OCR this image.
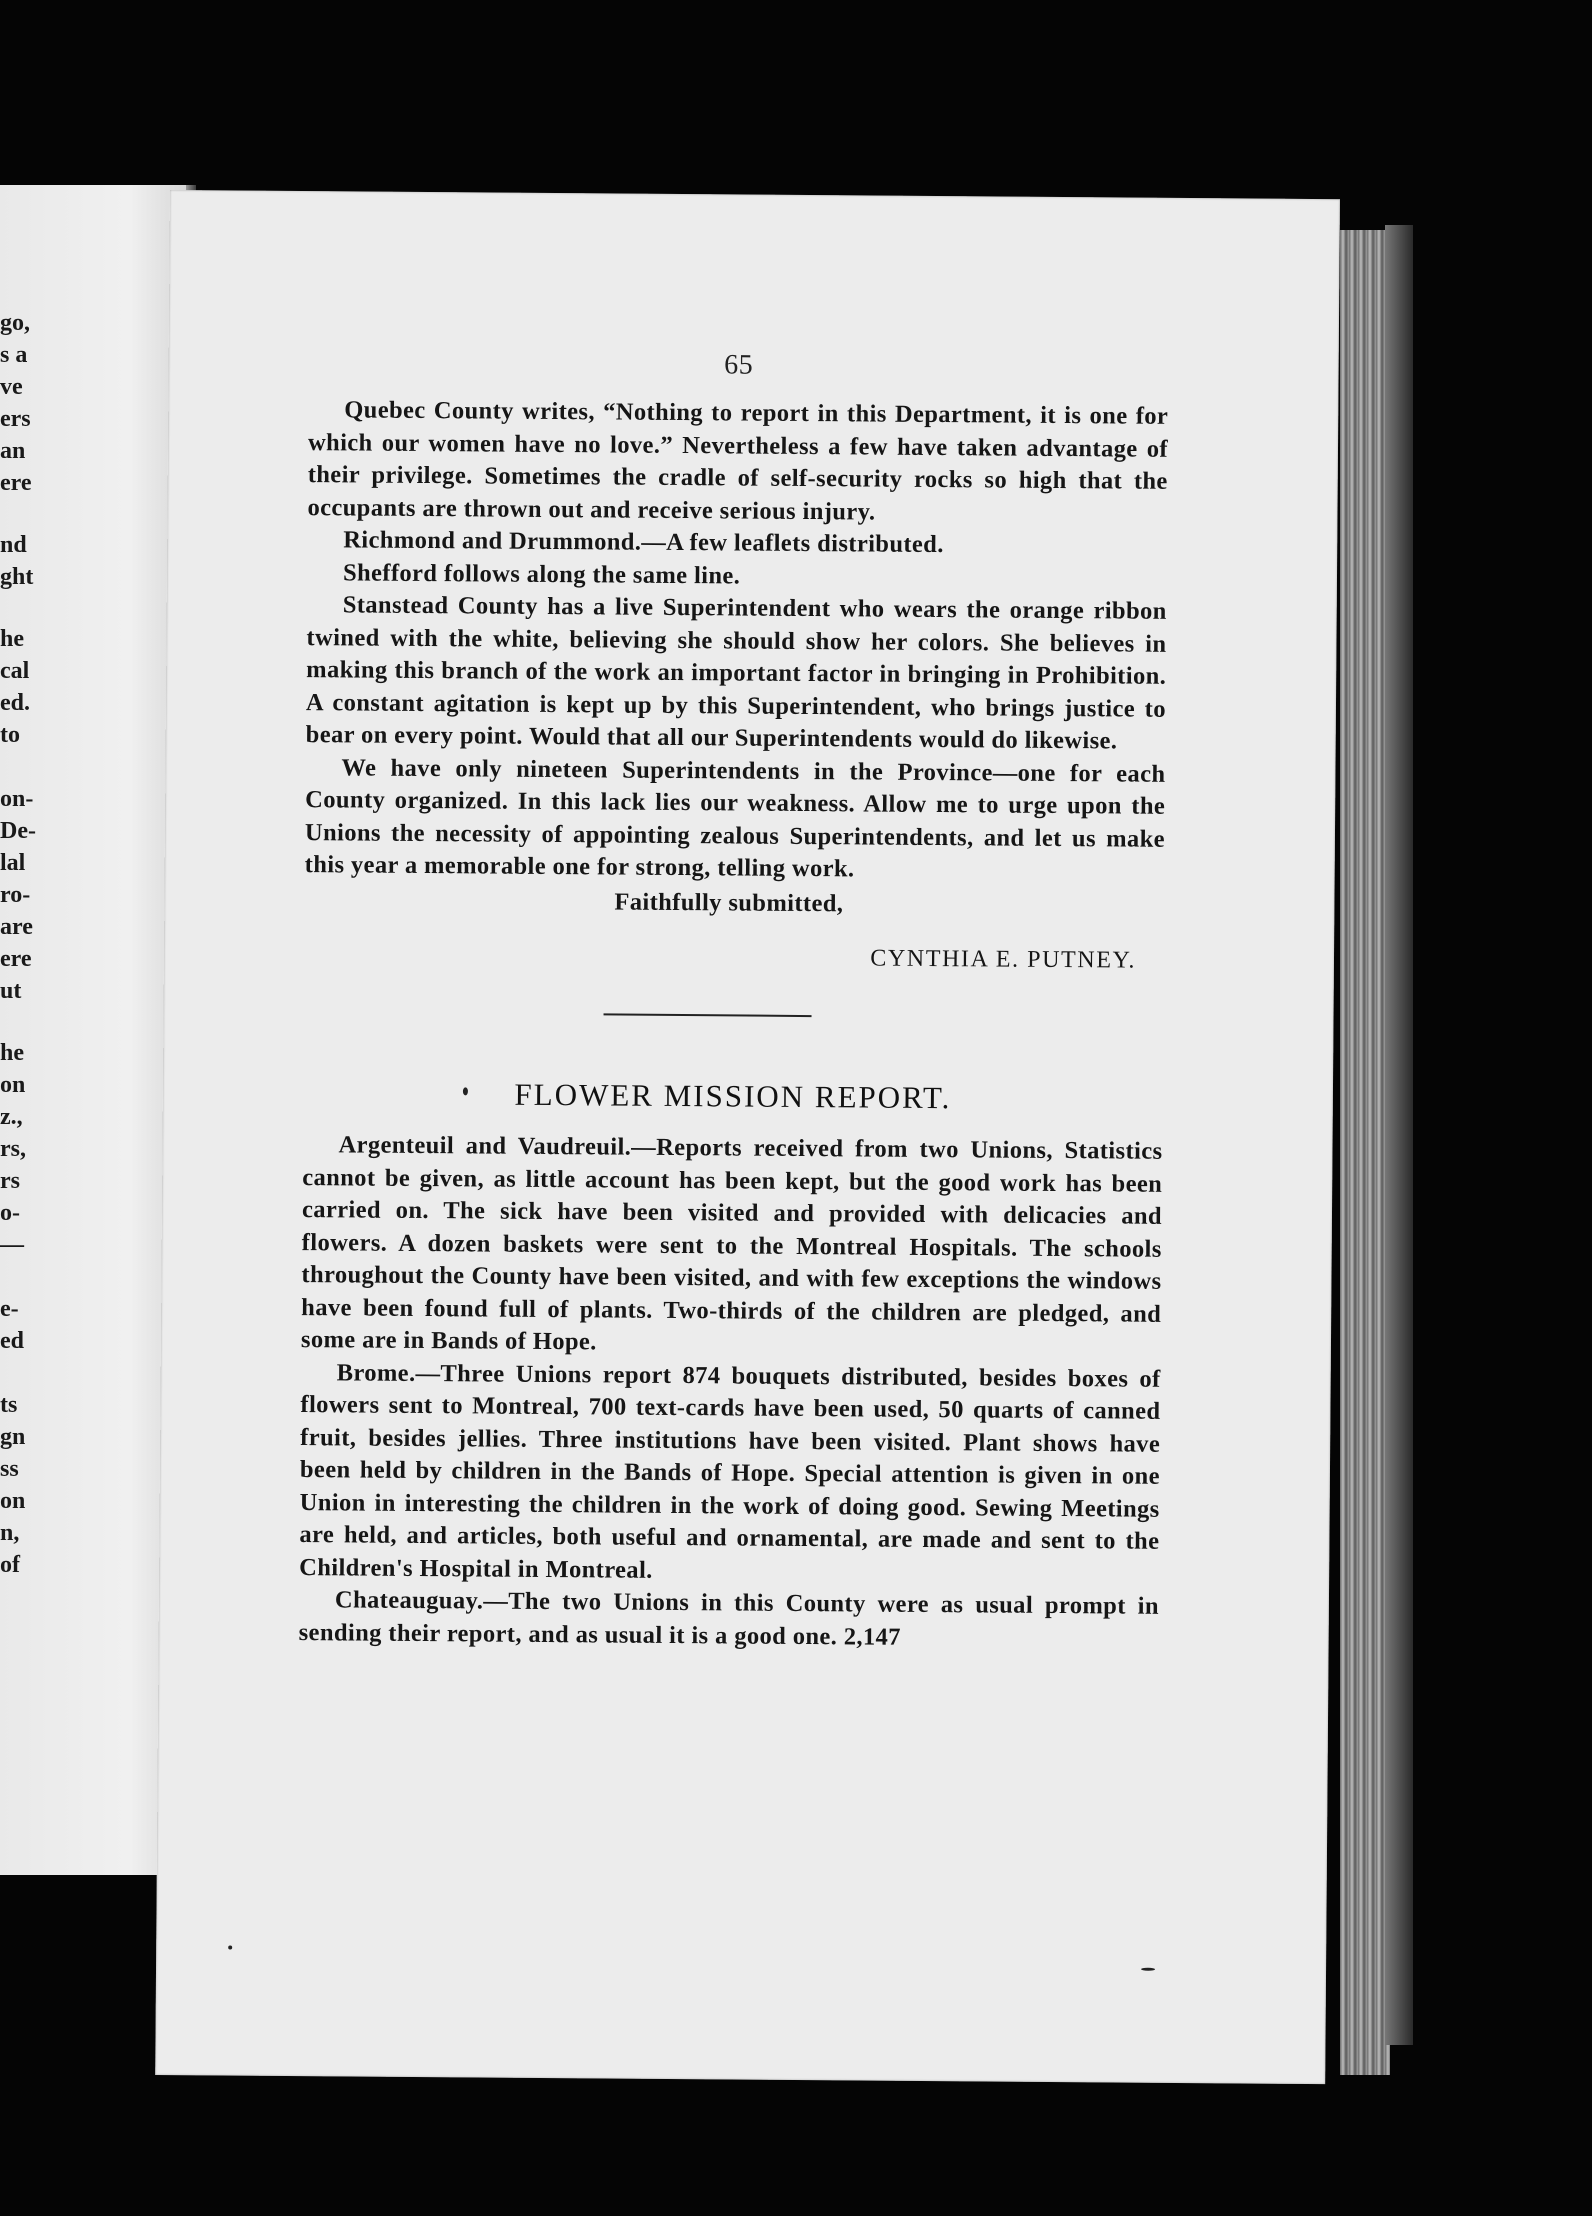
go,
s a
ve
ers
an
ere
nd
ght
he
cal
ed.
to
on-
De-
lal
ro-
are
ere
ut
he
on
z.,
rs,
rs
o-
—
e-
ed
ts
gn
ss
on
n,
of
65

Quebec County writes, “Nothing to report in this Department, it is one for which our women have no love.” Nevertheless a few have taken advantage of their privilege. Sometimes the cradle of self-security rocks so high that the occupants are thrown out and receive serious injury.

Richmond and Drummond.—A few leaflets distributed.

Shefford follows along the same line.

Stanstead County has a live Superintendent who wears the orange ribbon twined with the white, believing she should show her colors. She believes in making this branch of the work an important factor in bringing in Prohibition. A constant agitation is kept up by this Superintendent, who brings justice to bear on every point. Would that all our Superintendents would do likewise.

We have only nineteen Superintendents in the Province—one for each County organized. In this lack lies our weakness. Allow me to urge upon the Unions the necessity of appointing zealous Superintendents, and let us make this year a memorable one for strong, telling work.

Faithfully submitted,

CYNTHIA E. PUTNEY.

FLOWER MISSION REPORT.

Argenteuil and Vaudreuil.—Reports received from two Unions, Statistics cannot be given, as little account has been kept, but the good work has been carried on. The sick have been visited and provided with delicacies and flowers. A dozen baskets were sent to the Montreal Hospitals. The schools throughout the County have been visited, and with few exceptions the windows have been found full of plants. Two-thirds of the children are pledged, and some are in Bands of Hope.

Brome.—Three Unions report 874 bouquets distributed, besides boxes of flowers sent to Montreal, 700 text-cards have been used, 50 quarts of canned fruit, besides jellies. Three institutions have been visited. Plant shows have been held by children in the Bands of Hope. Special attention is given in one Union in interesting the children in the work of doing good. Sewing Meetings are held, and articles, both useful and ornamental, are made and sent to the Children's Hospital in Montreal.

Chateauguay.—The two Unions in this County were as usual prompt in sending their report, and as usual it is a good one. 2,147
